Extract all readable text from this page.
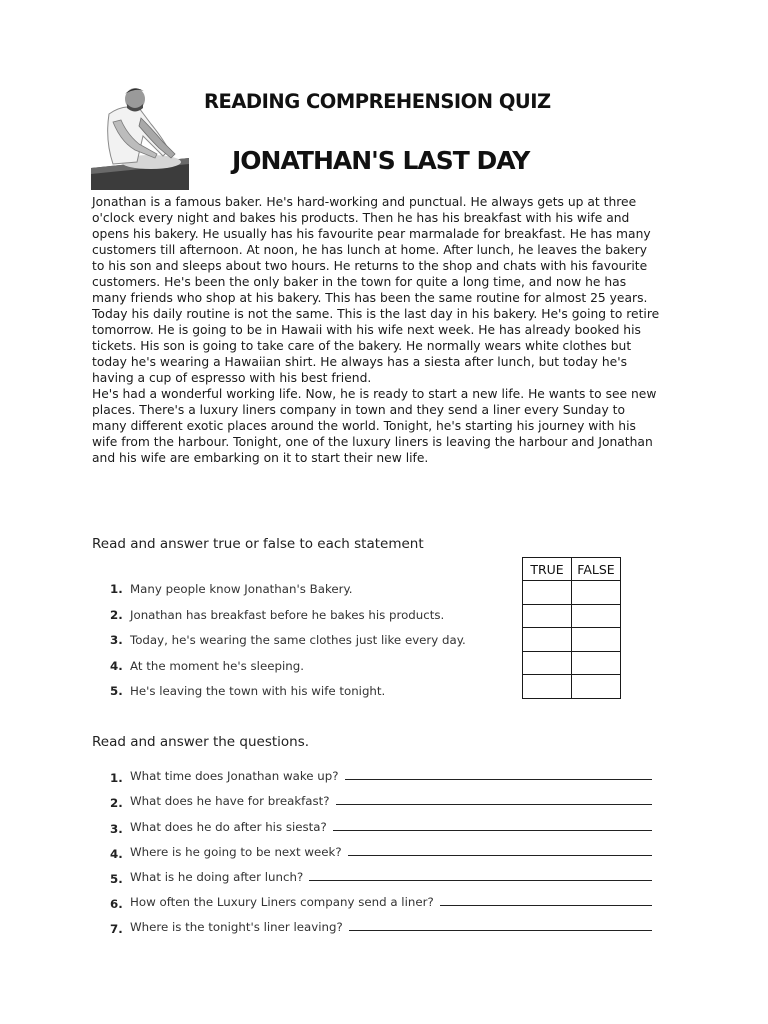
READING COMPREHENSION QUIZ
JONATHAN'S LAST DAY

Jonathan is a famous baker. He's hard-working and punctual. He always gets up at three o'clock every night and bakes his products. Then he has his breakfast with his wife and opens his bakery. He usually has his favourite pear marmalade for breakfast. He has many customers till afternoon. At noon, he has lunch at home. After lunch, he leaves the bakery to his son and sleeps about two hours. He returns to the shop and chats with his favourite customers. He's been the only baker in the town for quite a long time, and now he has many friends who shop at his bakery. This has been the same routine for almost 25 years.

Today his daily routine is not the same. This is the last day in his bakery. He's going to retire tomorrow. He is going to be in Hawaii with his wife next week. He has already booked his tickets. His son is going to take care of the bakery. He normally wears white clothes but today he's wearing a Hawaiian shirt. He always has a siesta after lunch, but today he's having a cup of espresso with his best friend.

He's had a wonderful working life. Now, he is ready to start a new life. He wants to see new places. There's a luxury liners company in town and they send a liner every Sunday to many different exotic places around the world. Tonight, he's starting his journey with his wife from the harbour. Tonight, one of the luxury liners is leaving the harbour and Jonathan and his wife are embarking on it to start their new life.

Read and answer true or false to each statement
1. Many people know Jonathan's Bakery.
2. Jonathan has breakfast before he bakes his products.
3. Today, he's wearing the same clothes just like every day.
4. At the moment he's sleeping.
5. He's leaving the town with his wife tonight.
TRUE	FALSE

Read and answer the questions.
1. What time does Jonathan wake up?
2. What does he have for breakfast?
3. What does he do after his siesta?
4. Where is he going to be next week?
5. What is he doing after lunch?
6. How often the Luxury Liners company send a liner?
7. Where is the tonight's liner leaving?
